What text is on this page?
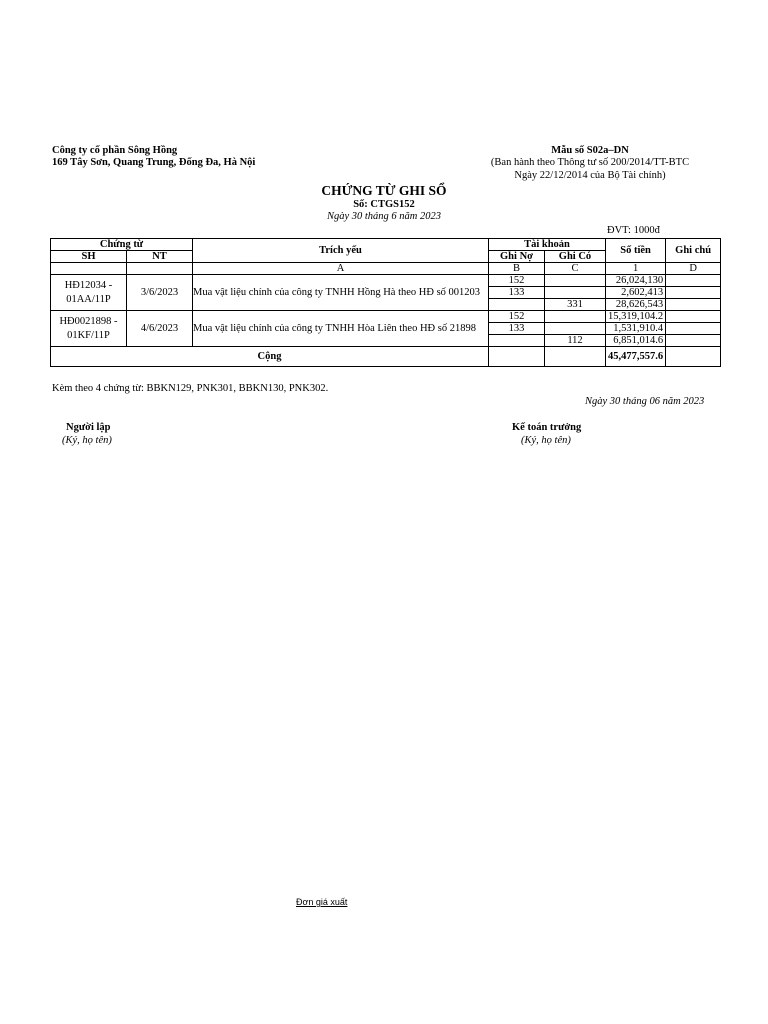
Công ty cổ phần Sông Hồng
169 Tây Sơn, Quang Trung, Đống Đa, Hà Nội
Mẫu số S02a–DN
(Ban hành theo Thông tư số 200/2014/TT-BTC
Ngày 22/12/2014 của Bộ Tài chính)
CHỨNG TỪ GHI SỔ
Số: CTGS152
Ngày 30 tháng 6 năm 2023
ĐVT: 1000đ
Chứng từ		Trích yếu	Tài khoản		Số tiền	Ghi chú
SH	NT		Ghi Nợ	Ghi Có		
		A	B	C	1	D
HĐ12034 - 01AA/11P	3/6/2023	Mua vật liệu chính của công ty TNHH Hồng Hà theo HĐ số 001203	152		26,024,130	
			133		2,602,413	
				331	28,626,543	
HĐ0021898 - 01KF/11P	4/6/2023	Mua vật liệu chính của công ty TNHH Hòa Liên theo HĐ số 21898	152		15,319,104.2	
			133		1,531,910.4	
				112	6,851,014.6	
Cộng					45,477,557.6	
Kèm theo 4 chứng từ: BBKN129, PNK301, BBKN130, PNK302.
Ngày 30 tháng 06 năm 2023
Người lập
(Ký, họ tên)
Kế toán trưởng
(Ký, họ tên)
Đơn giá xuất
